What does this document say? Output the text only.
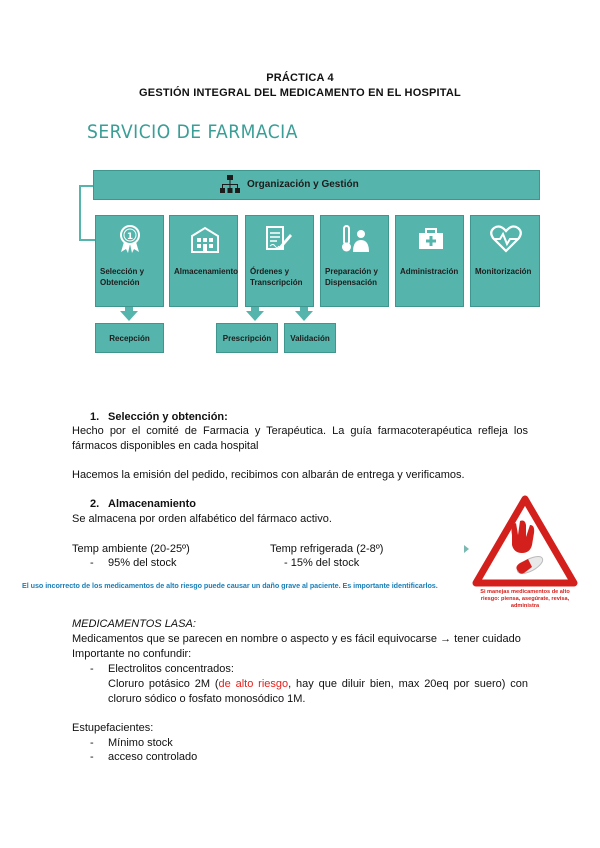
PRÁCTICA 4
GESTIÓN INTEGRAL DEL MEDICAMENTO EN EL HOSPITAL
SERVICIO DE FARMACIA
Organización y Gestión
1
Selección y
Obtención
Almacenamiento Órdenes y
Transcripción
Preparación y
Dispensación
Administración	Monitorización
Recepción	Prescripción	Validación
1. Selección y obtención:
Hecho por el comité de Farmacia y Terapéutica. La guía farmacoterapéutica refleja los fármacos disponibles en cada hospital
Hacemos la emisión del pedido, recibimos con albarán de entrega y verificamos.
2. Almacenamiento
Se almacena por orden alfabético del fármaco activo.
Temp ambiente (20-25º)
- 95% del stock
Temp refrigerada (2-8º)
- 15% del stock
Si manejas medicamentos de alto riesgo: piensa, asegúrate, revisa, administra
El uso incorrecto de los medicamentos de alto riesgo puede causar un daño grave al paciente. Es importante identificarlos.
MEDICAMENTOS LASA:
Medicamentos que se parecen en nombre o aspecto y es fácil equivocarse → tener cuidado
Importante no confundir:
- Electrolitos concentrados:
Cloruro potásico 2M (de alto riesgo, hay que diluir bien, max 20eq por suero) con cloruro sódico o fosfato monosódico 1M.
Estupefacientes:
- Mínimo stock
- acceso controlado
